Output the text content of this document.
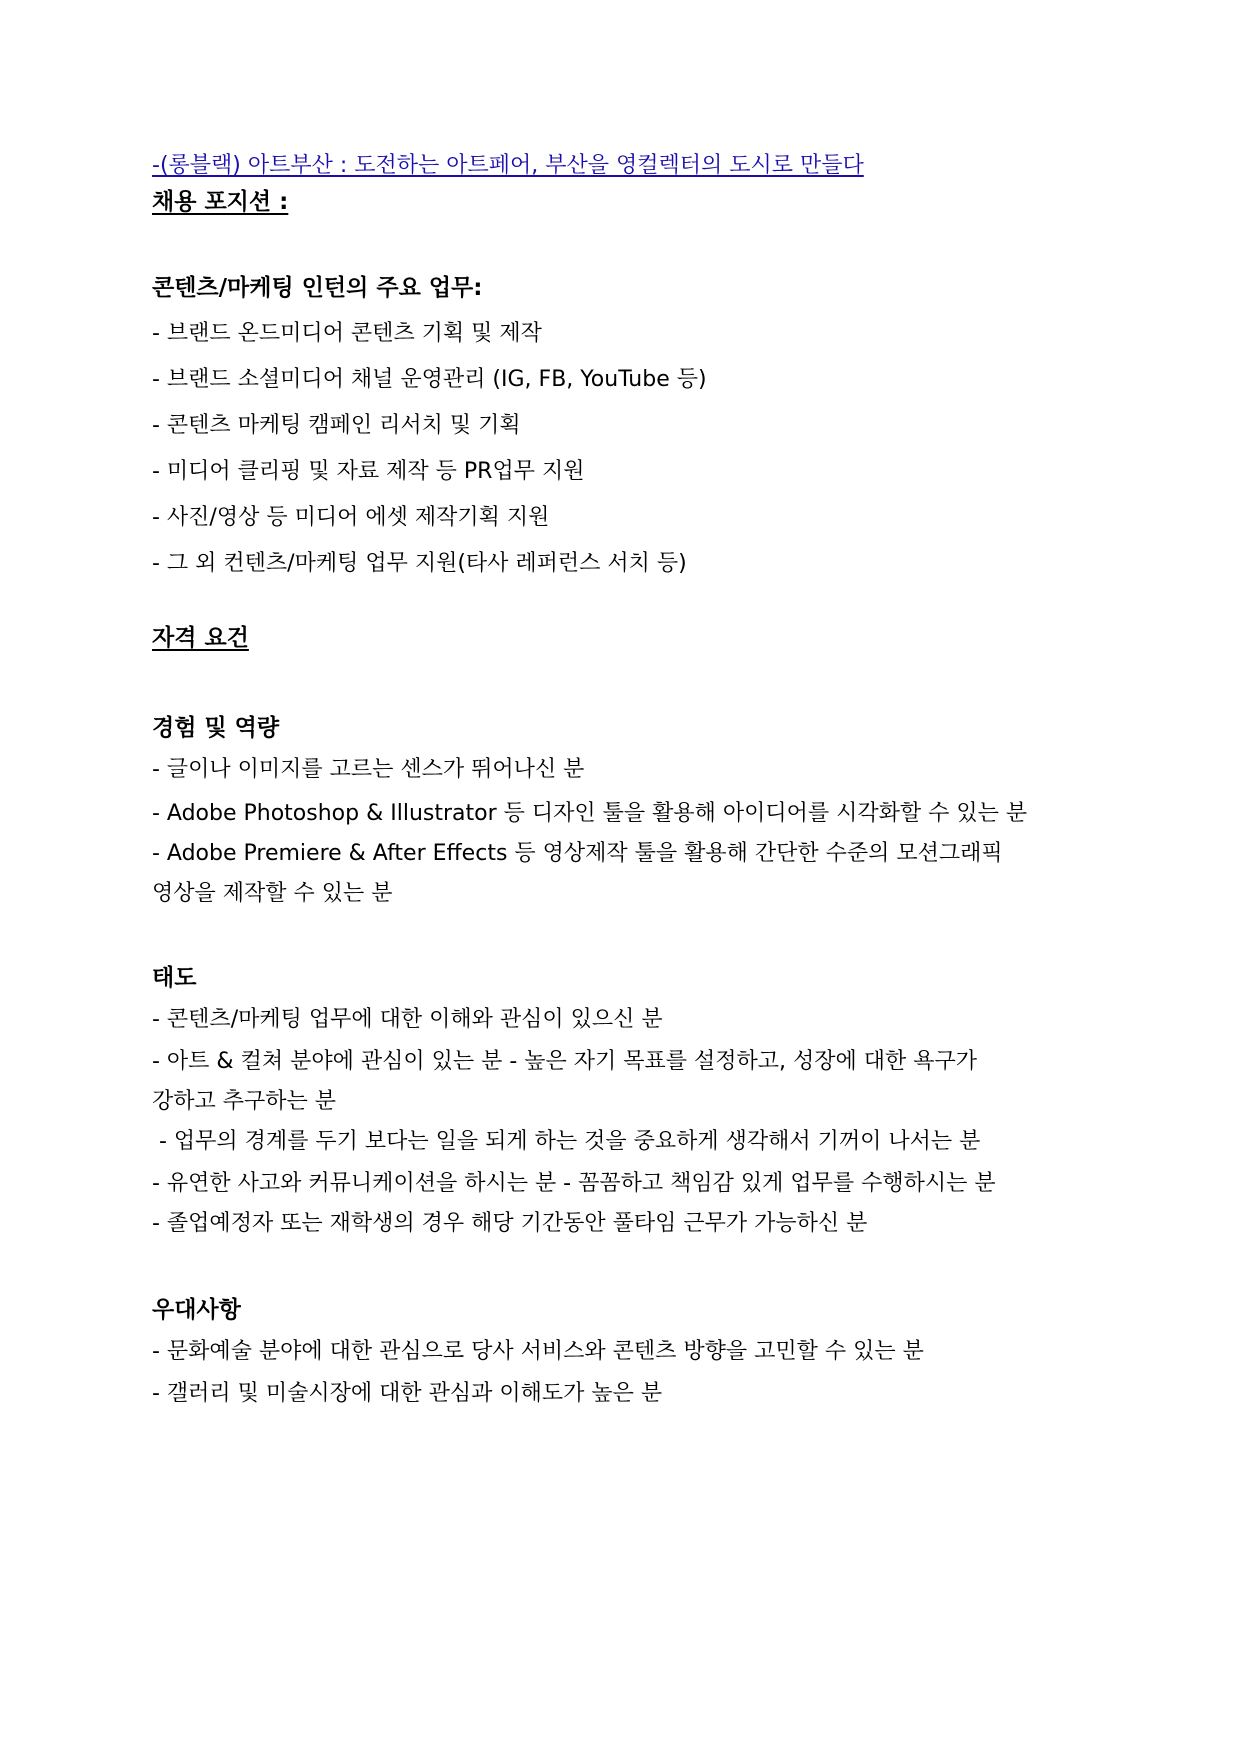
-(롱블랙) 아트부산 : 도전하는 아트페어, 부산을 영컬렉터의 도시로 만들다

채용 포지션 :

콘텐츠/마케팅 인턴의 주요 업무:

- 브랜드 온드미디어 콘텐츠 기획 및 제작

- 브랜드 소셜미디어 채널 운영관리 (IG, FB, YouTube 등)

- 콘텐츠 마케팅 캠페인 리서치 및 기획

- 미디어 클리핑 및 자료 제작 등 PR업무 지원

- 사진/영상 등 미디어 에셋 제작기획 지원

- 그 외 컨텐츠/마케팅 업무 지원(타사 레퍼런스 서치 등)

자격 요건

경험 및 역량

- 글이나 이미지를 고르는 센스가 뛰어나신 분

- Adobe Photoshop & Illustrator 등 디자인 툴을 활용해 아이디어를 시각화할 수 있는 분

- Adobe Premiere & After Effects 등 영상제작 툴을 활용해 간단한 수준의 모션그래픽

영상을 제작할 수 있는 분

태도

- 콘텐츠/마케팅 업무에 대한 이해와 관심이 있으신 분

- 아트 & 컬쳐 분야에 관심이 있는 분 - 높은 자기 목표를 설정하고, 성장에 대한 욕구가

강하고 추구하는 분

- 업무의 경계를 두기 보다는 일을 되게 하는 것을 중요하게 생각해서 기꺼이 나서는 분

- 유연한 사고와 커뮤니케이션을 하시는 분 - 꼼꼼하고 책임감 있게 업무를 수행하시는 분

- 졸업예정자 또는 재학생의 경우 해당 기간동안 풀타임 근무가 가능하신 분

우대사항

- 문화예술 분야에 대한 관심으로 당사 서비스와 콘텐츠 방향을 고민할 수 있는 분

- 갤러리 및 미술시장에 대한 관심과 이해도가 높은 분
